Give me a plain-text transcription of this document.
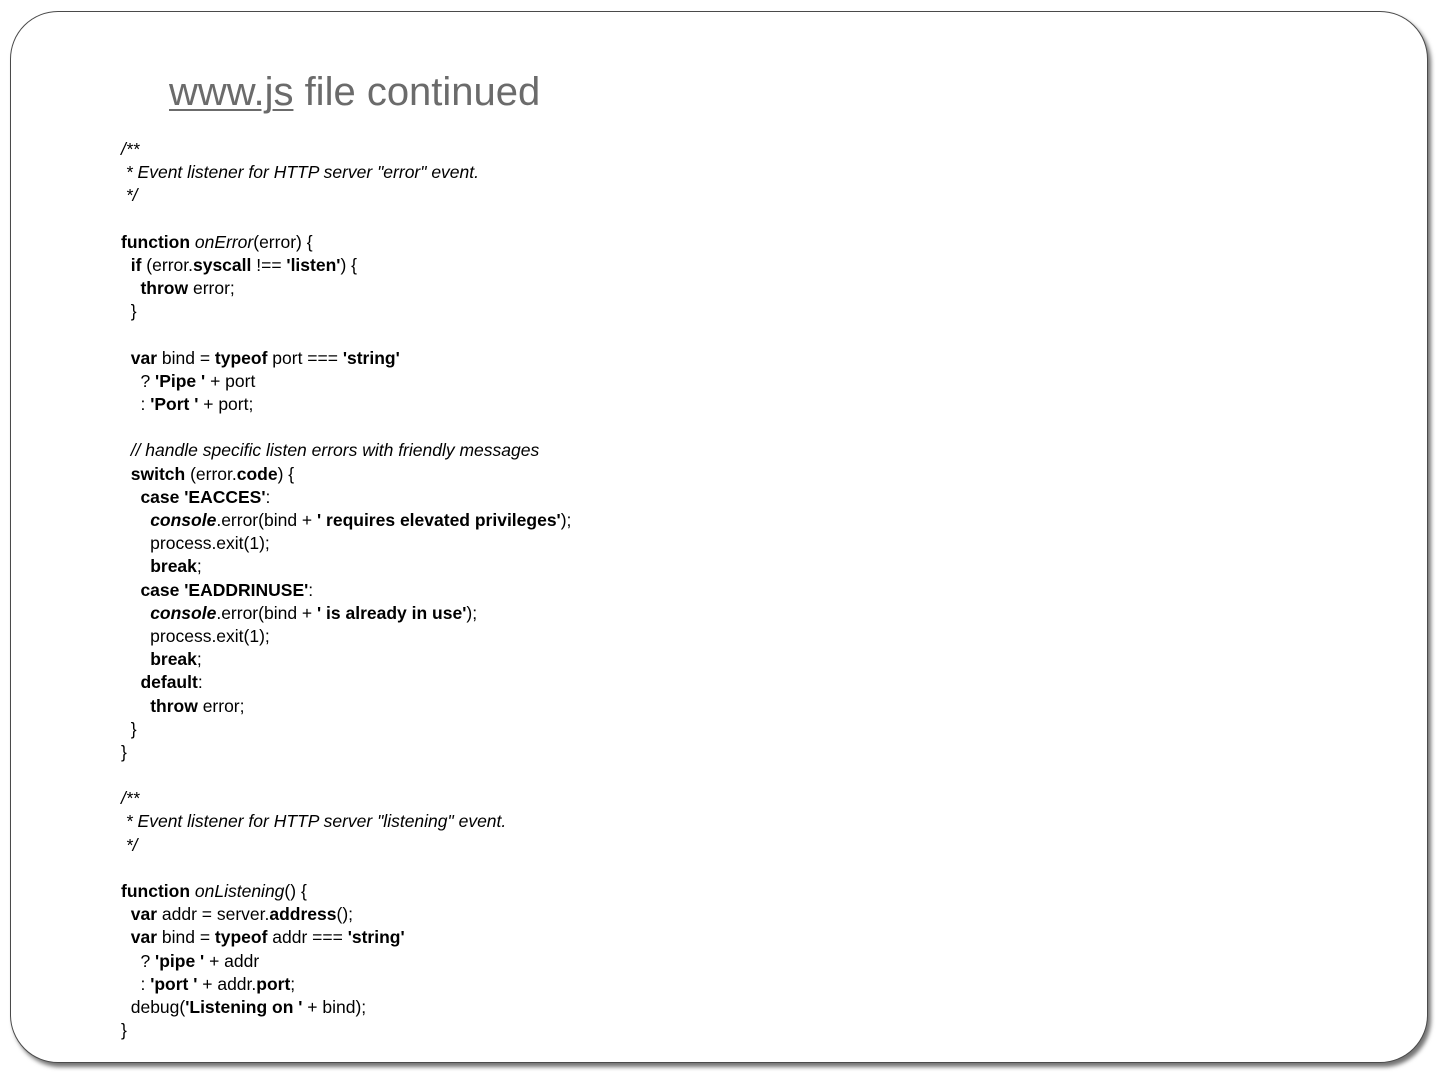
www.js file continued
/**
* Event listener for HTTP server "error" event.
*/

function onError(error) {
if (error.syscall !== 'listen') {
throw error;
}

var bind = typeof port === 'string'
? 'Pipe ' + port
: 'Port ' + port;

// handle specific listen errors with friendly messages
switch (error.code) {
case 'EACCES':
console.error(bind + ' requires elevated privileges');
process.exit(1);
break;
case 'EADDRINUSE':
console.error(bind + ' is already in use');
process.exit(1);
break;
default:
throw error;
}
}

/**
* Event listener for HTTP server "listening" event.
*/

function onListening() {
var addr = server.address();
var bind = typeof addr === 'string'
? 'pipe ' + addr
: 'port ' + addr.port;
debug('Listening on ' + bind);
}
